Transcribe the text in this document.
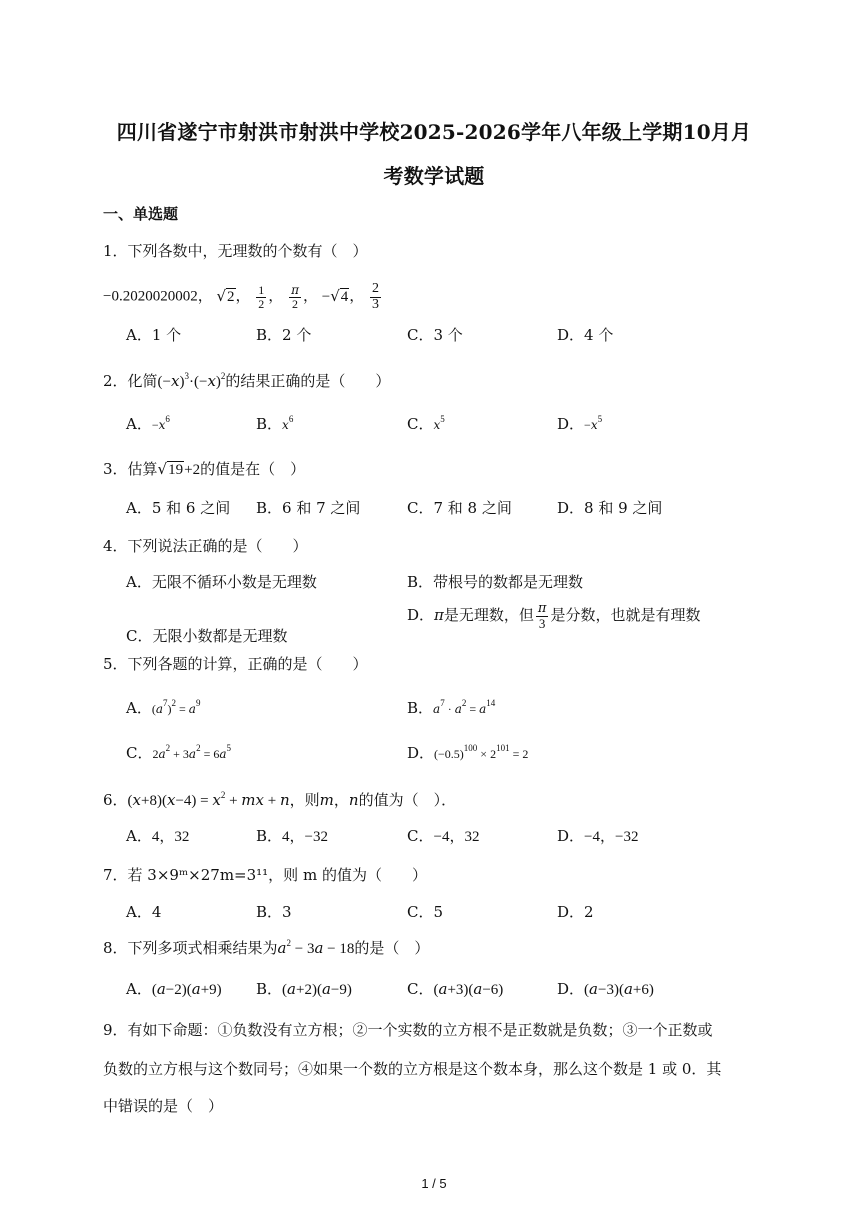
四川省遂宁市射洪市射洪中学校2025-2026学年八年级上学期10月月
考数学试题
一、单选题
1．下列各数中，无理数的个数有（　）
−0.2020020002， √2， $\frac{1}{2}$ ， $\frac{\pi}{2}$ ， −√4， $\frac{2}{3}$
A．1 个	B．2 个	C．3 个	D．4 个
2．化简$(-x)^3\cdot(-x)^2$的结果正确的是（　　）
A．$-x^6$	B．$x^6$	C．$x^5$	D．$-x^5$
3．估算√19+2的值是在（　）
A．5 和 6 之间 B．6 和 7 之间	C．7 和 8 之间	D．8 和 9 之间
4．下列说法正确的是（　　）
A．无限不循环小数是无理数	B．带根号的数都是无理数
C．无限小数都是无理数
D．π是无理数，但 $\frac{\pi}{3}$ 是分数，也就是有理数
5．下列各题的计算，正确的是（　　）
A．$(a^7)^2 = a^9$	B．$a^7 \cdot a^2 = a^{14}$
C．$2a^2 + 3a^2 = 6a^5$	D．$(-0.5)^{100} \times 2^{101} = 2$
6．$(x+8)(x-4) = x^2$ + mx + n，则m，n的值为（　）．
A．4，32	B．4，−32	C．−4，32	D．−4，−32
7．若 3×9ᵐ×27m=3¹¹，则 m 的值为（　　）
A．4	B．3	C．5	D．2
8．下列多项式相乘结果为$a^2 - 3a - 18$的是（　）
A．(a−2)(a+9) B．(a+2)(a−9)	C．(a+3)(a−6)	D．(a−3)(a+6)
9．有如下命题：①负数没有立方根；②一个实数的立方根不是正数就是负数；③一个正数或
负数的立方根与这个数同号；④如果一个数的立方根是这个数本身，那么这个数是 1 或 0．其
中错误的是（　）
1 / 5
